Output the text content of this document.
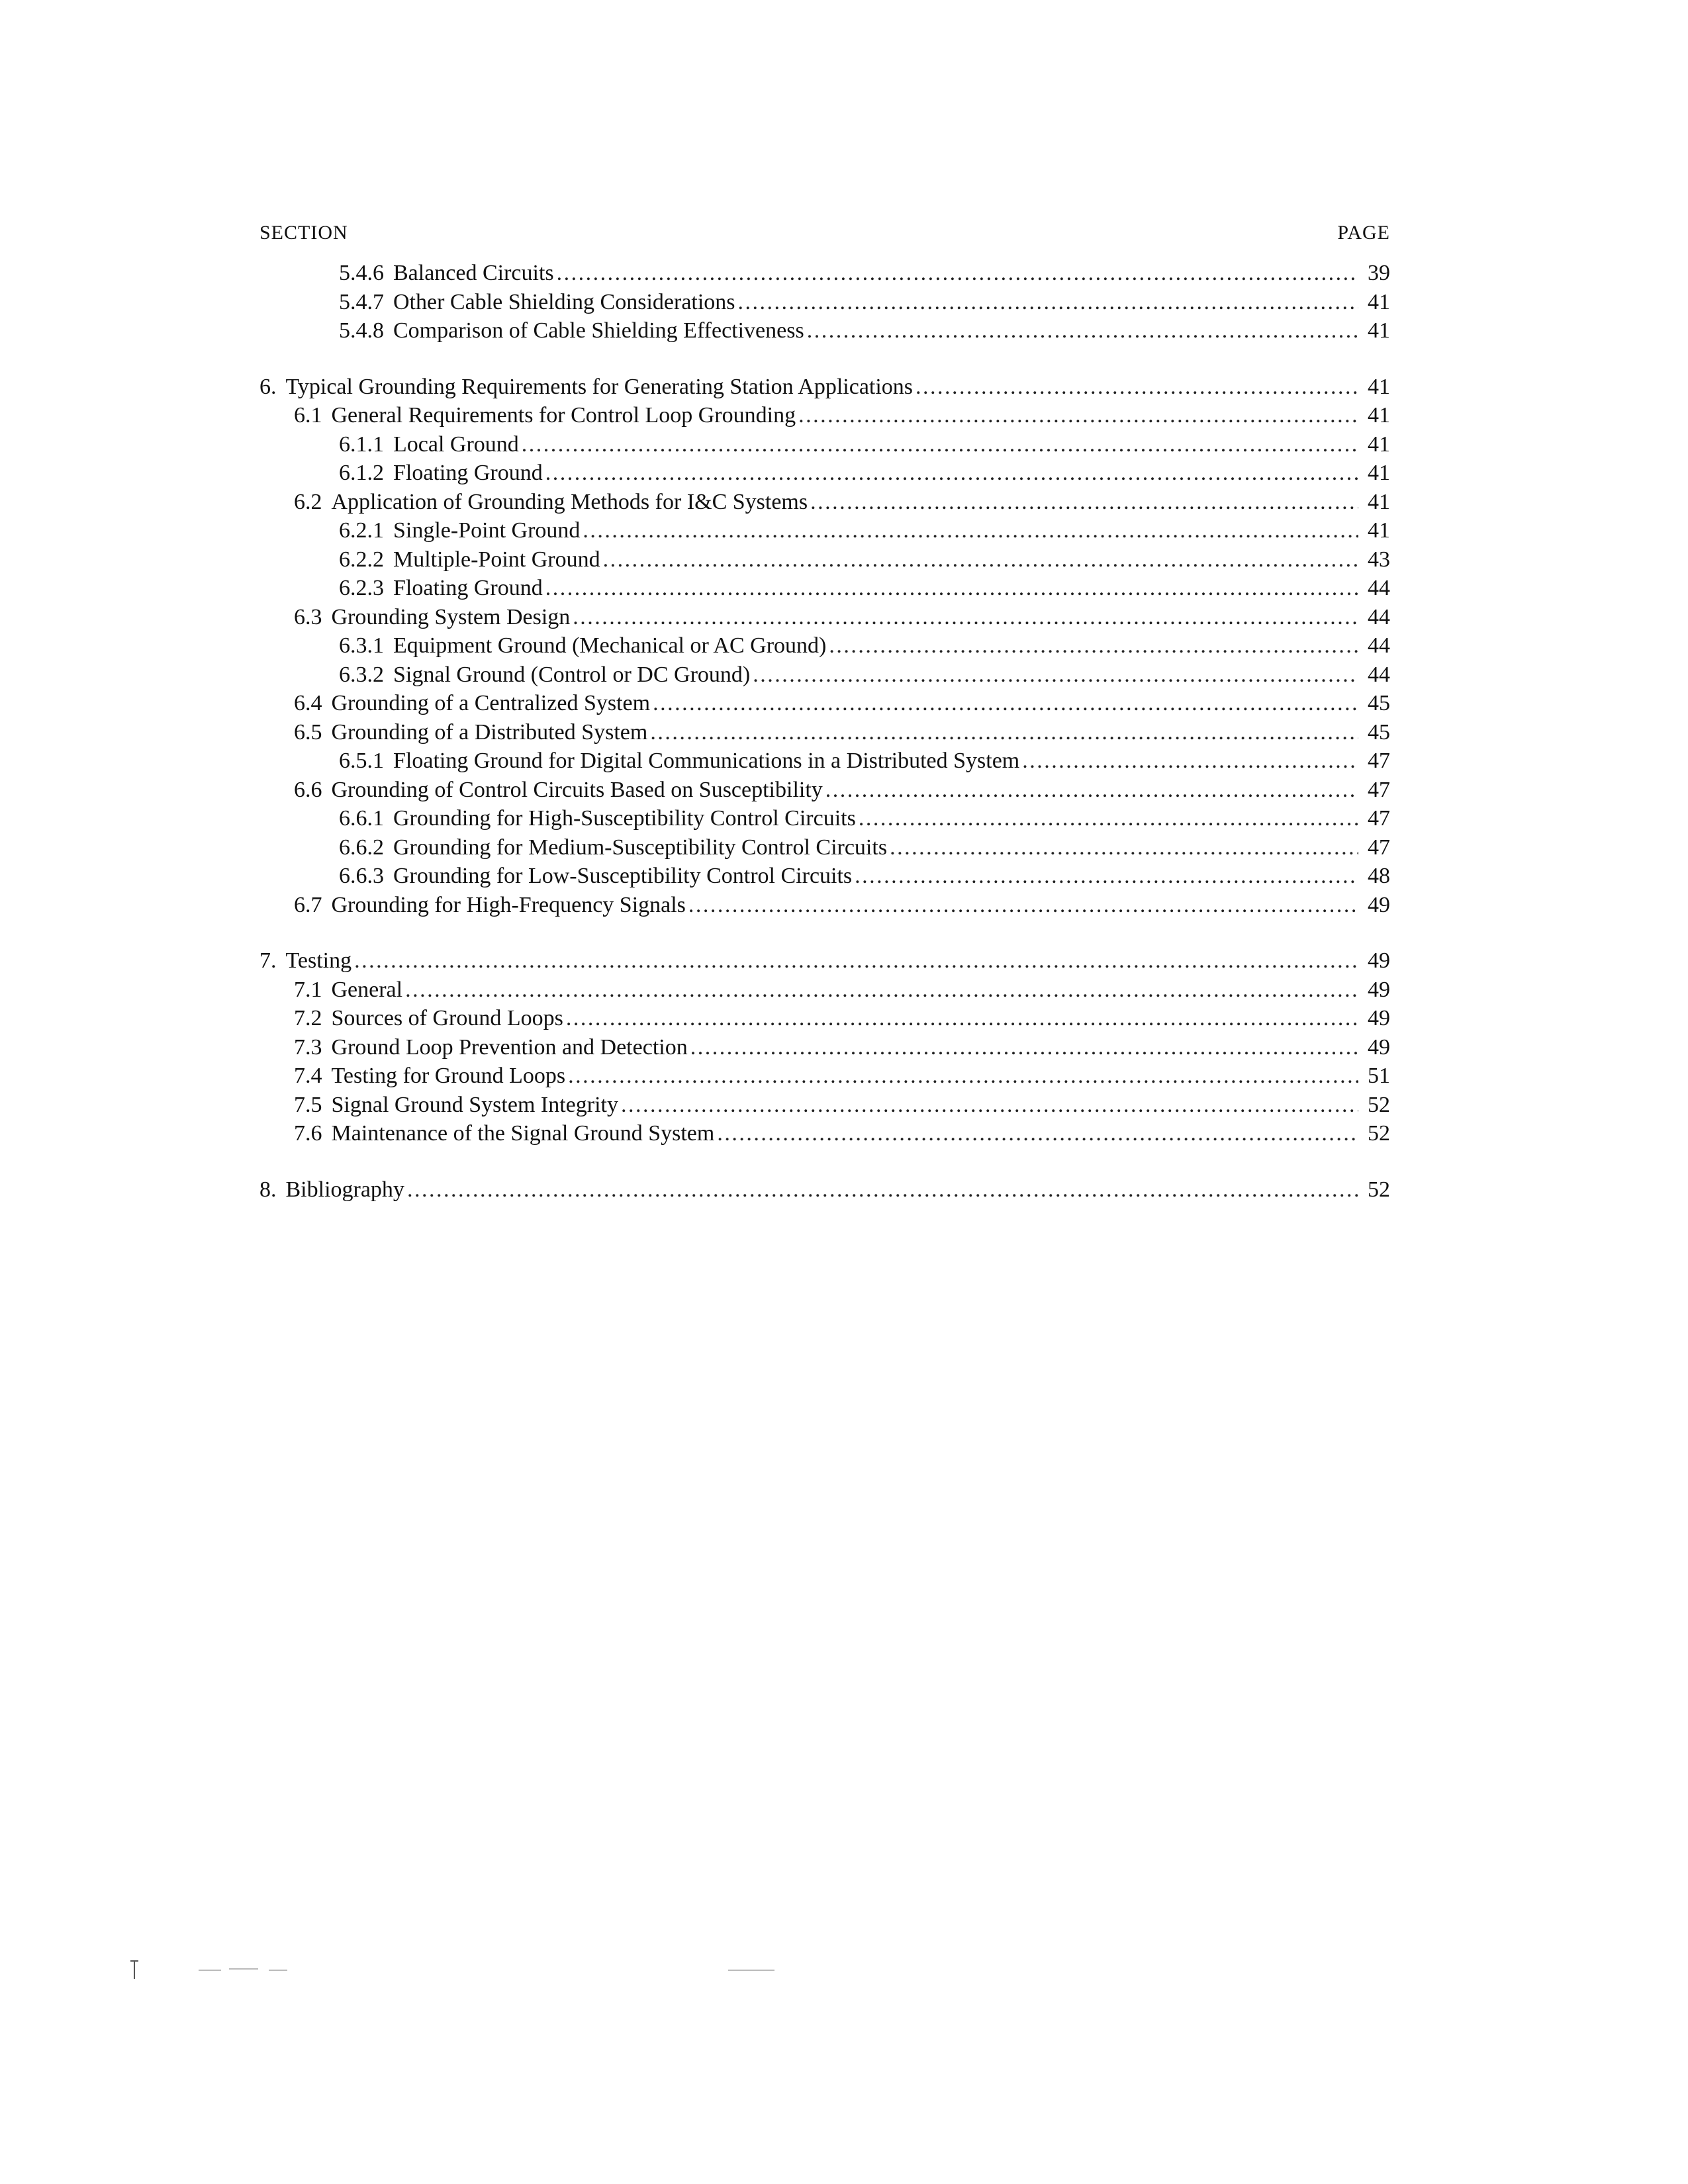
SECTION	PAGE
5.4.6 Balanced Circuits . . .	39
5.4.7 Other Cable Shielding Considerations . . .	41
5.4.8 Comparison of Cable Shielding Effectiveness . . .	41
6. Typical Grounding Requirements for Generating Station Applications . . .	41
6.1 General Requirements for Control Loop Grounding . . .	41
6.1.1 Local Ground . . .	41
6.1.2 Floating Ground . . .	41
6.2 Application of Grounding Methods for I&C Systems . . .	41
6.2.1 Single-Point Ground . . .	41
6.2.2 Multiple-Point Ground . . .	43
6.2.3 Floating Ground . . .	44
6.3 Grounding System Design . . .	44
6.3.1 Equipment Ground (Mechanical or AC Ground) . . .	44
6.3.2 Signal Ground (Control or DC Ground) . . .	44
6.4 Grounding of a Centralized System . . .	45
6.5 Grounding of a Distributed System . . .	45
6.5.1 Floating Ground for Digital Communications in a Distributed System . . .	47
6.6 Grounding of Control Circuits Based on Susceptibility . . .	47
6.6.1 Grounding for High-Susceptibility Control Circuits . . .	47
6.6.2 Grounding for Medium-Susceptibility Control Circuits . . .	47
6.6.3 Grounding for Low-Susceptibility Control Circuits . . .	48
6.7 Grounding for High-Frequency Signals . . .	49
7. Testing . . .	49
7.1 General . . .	49
7.2 Sources of Ground Loops . . .	49
7.3 Ground Loop Prevention and Detection . . .	49
7.4 Testing for Ground Loops . . .	51
7.5 Signal Ground System Integrity . . .	52
7.6 Maintenance of the Signal Ground System . . .	52
8. Bibliography . . .	52
